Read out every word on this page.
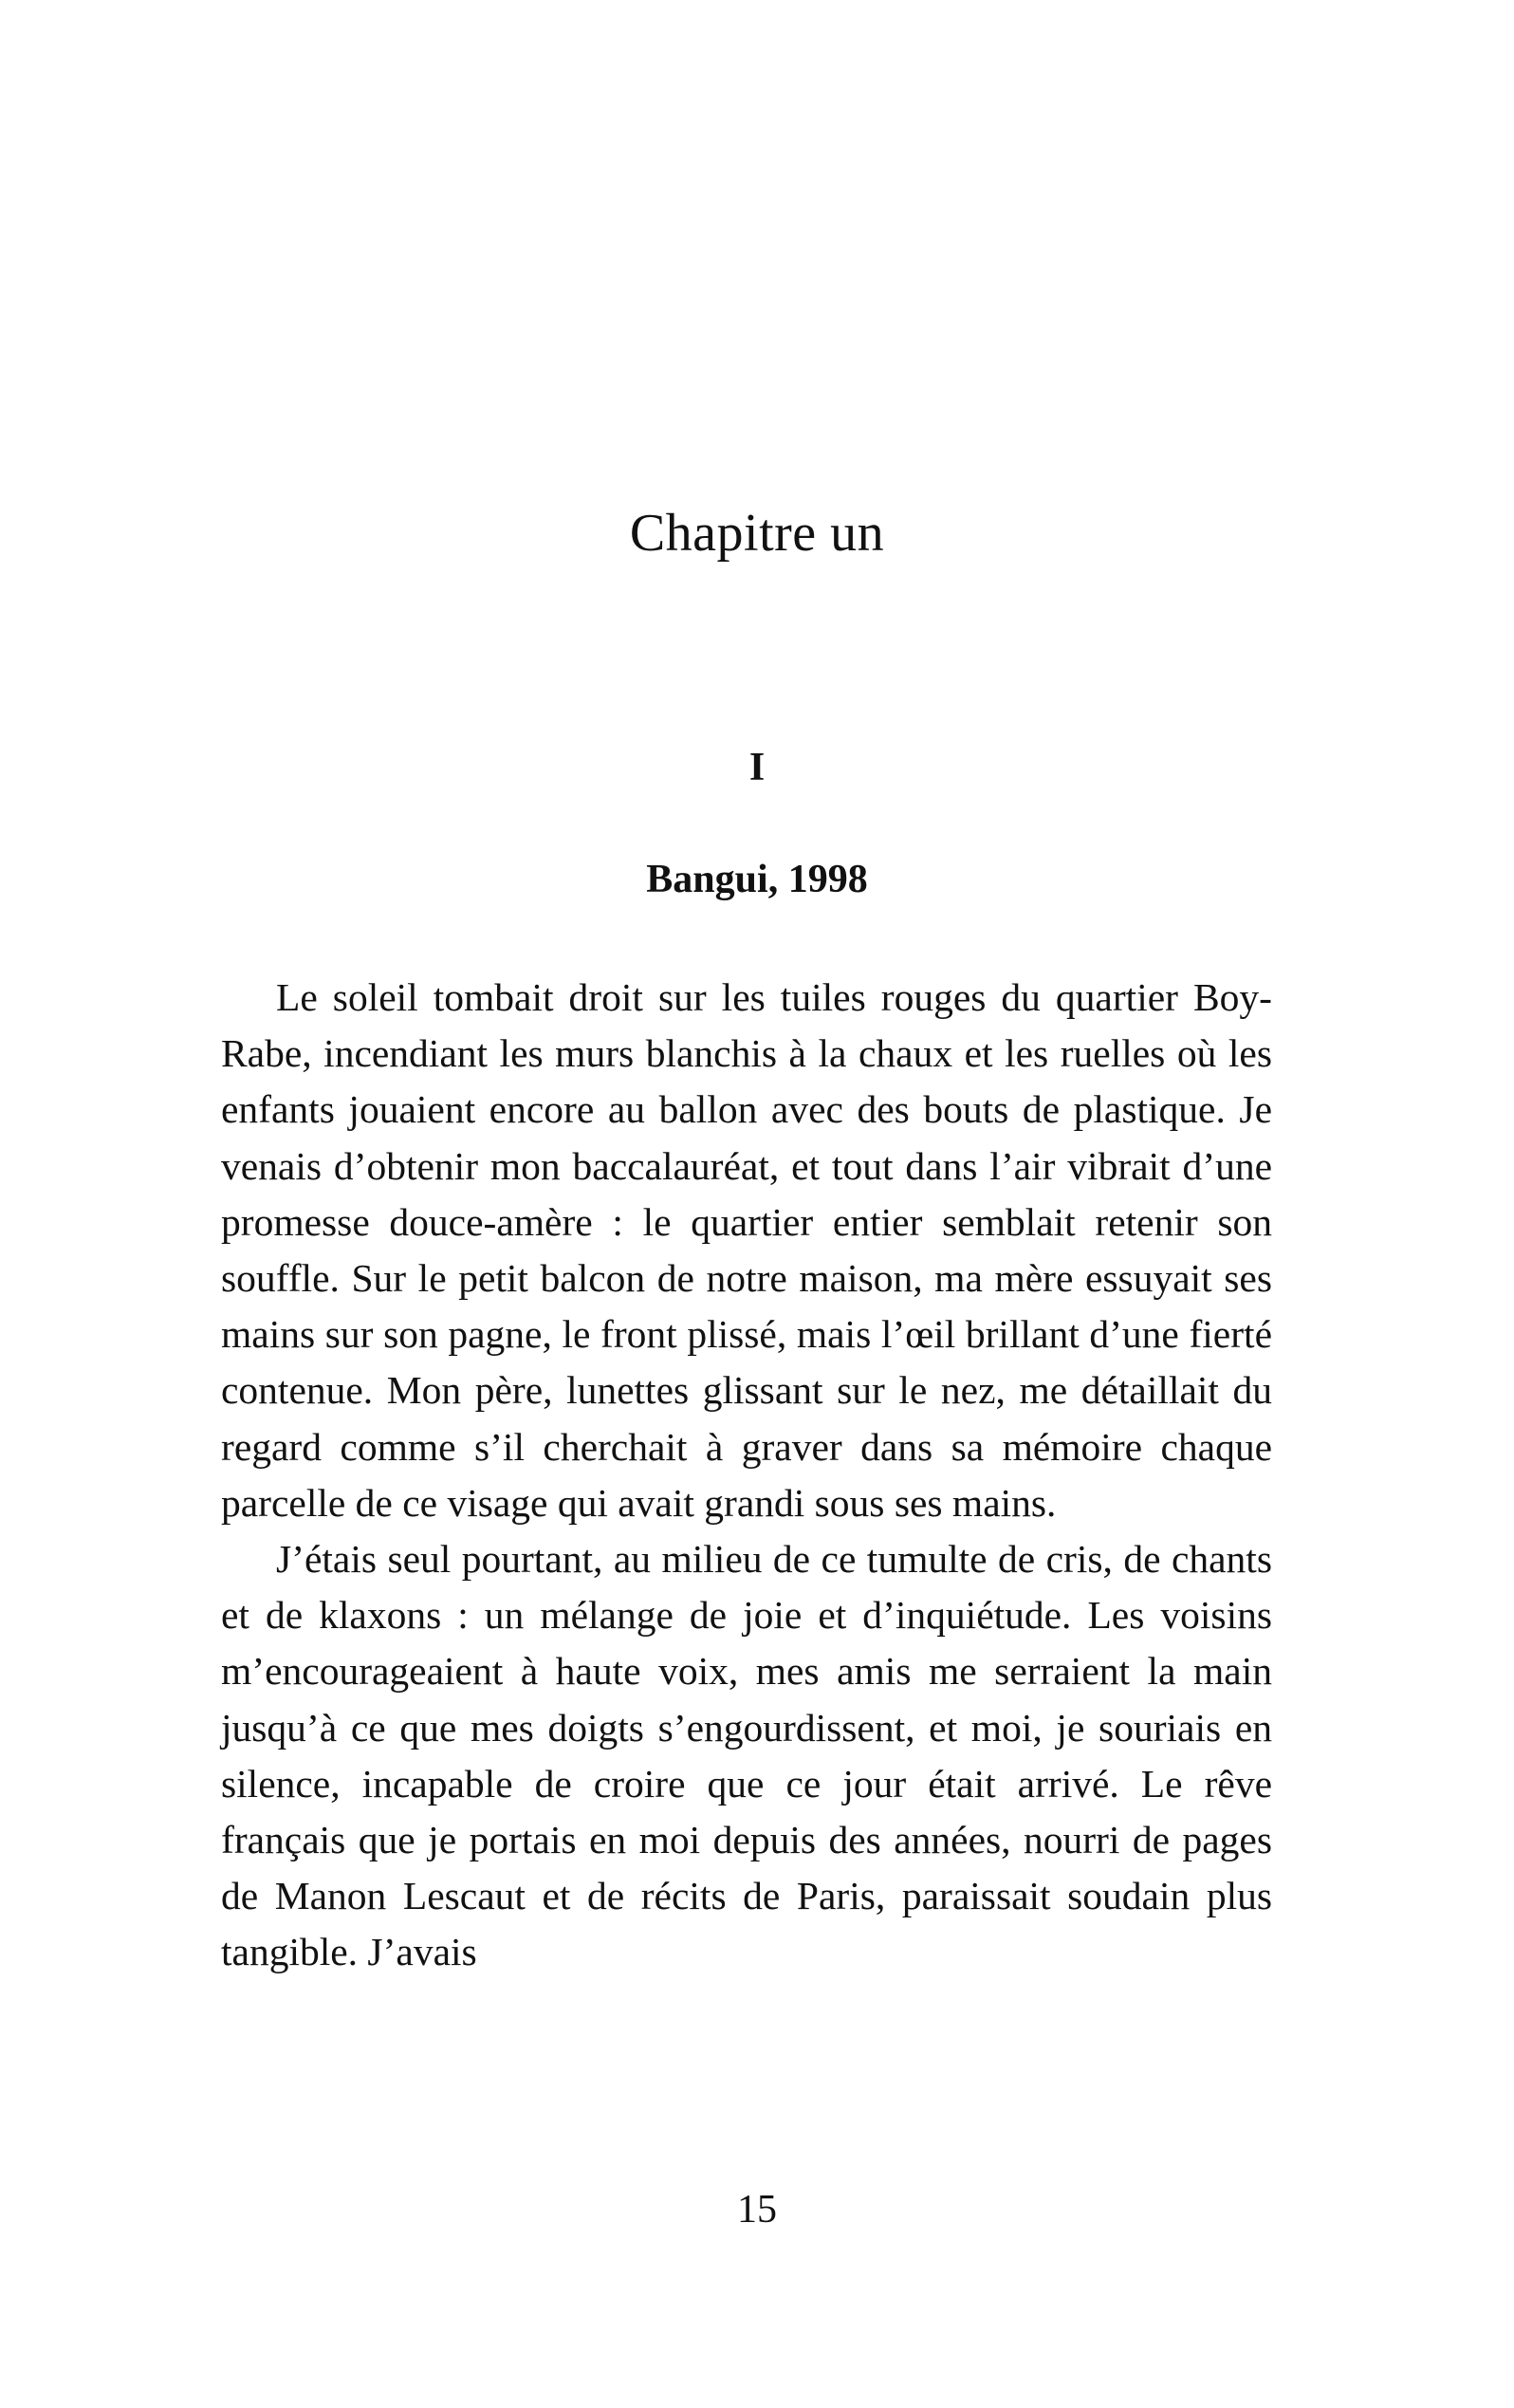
Chapitre un
I
Bangui, 1998

Le soleil tombait droit sur les tuiles rouges du quartier Boy-Rabe, incendiant les murs blanchis à la chaux et les ruelles où les enfants jouaient encore au ballon avec des bouts de plastique. Je venais d’obtenir mon baccalauréat, et tout dans l’air vibrait d’une promesse douce-amère : le quartier entier semblait retenir son souffle. Sur le petit balcon de notre maison, ma mère essuyait ses mains sur son pagne, le front plissé, mais l’œil brillant d’une fierté contenue. Mon père, lunettes glissant sur le nez, me détaillait du regard comme s’il cherchait à graver dans sa mémoire chaque parcelle de ce visage qui avait grandi sous ses mains.

J’étais seul pourtant, au milieu de ce tumulte de cris, de chants et de klaxons : un mélange de joie et d’inquiétude. Les voisins m’encourageaient à haute voix, mes amis me serraient la main jusqu’à ce que mes doigts s’engourdissent, et moi, je souriais en silence, incapable de croire que ce jour était arrivé. Le rêve français que je portais en moi depuis des années, nourri de pages de Manon Lescaut et de récits de Paris, paraissait soudain plus tangible. J’avais

15
